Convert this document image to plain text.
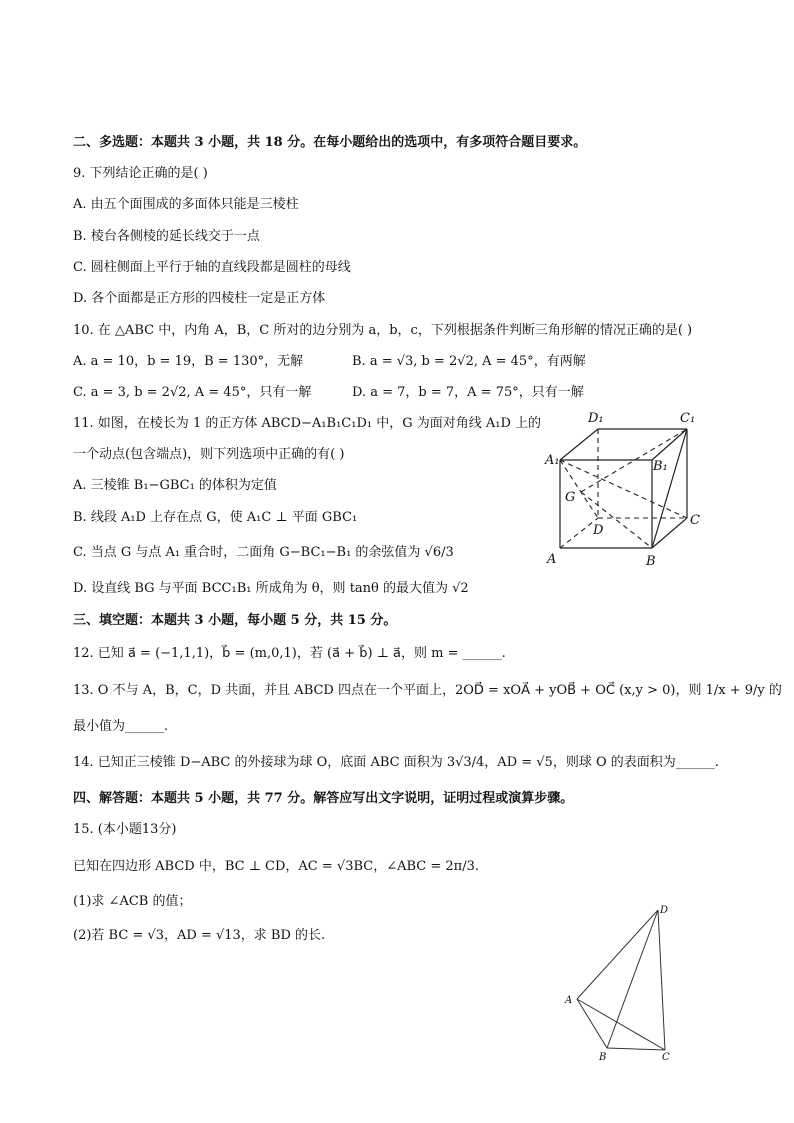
二、多选题：本题共 3 小题，共 18 分。在每小题给出的选项中，有多项符合题目要求。
9. 下列结论正确的是( )
A. 由五个面围成的多面体只能是三棱柱
B. 棱台各侧棱的延长线交于一点
C. 圆柱侧面上平行于轴的直线段都是圆柱的母线
D. 各个面都是正方形的四棱柱一定是正方体
10. 在 △ABC 中，内角 A，B，C 所对的边分别为 a，b，c，下列根据条件判断三角形解的情况正确的是( )
A. a = 10，b = 19，B = 130°，无解	B. a = √3, b = 2√2, A = 45°，有两解
C. a = 3, b = 2√2, A = 45°，只有一解	D. a = 7，b = 7，A = 75°，只有一解
11. 如图，在棱长为 1 的正方体 ABCD−A₁B₁C₁D₁ 中，G 为面对角线 A₁D 上的
一个动点(包含端点)，则下列选项中正确的有( )
A. 三棱锥 B₁−GBC₁ 的体积为定值
B. 线段 A₁D 上存在点 G，使 A₁C ⊥ 平面 GBC₁
C. 当点 G 与点 A₁ 重合时，二面角 G−BC₁−B₁ 的余弦值为 √6/3
D. 设直线 BG 与平面 BCC₁B₁ 所成角为 θ，则 tanθ 的最大值为 √2
A₁	B₁
C₁
D₁
A	B
C
D
G
三、填空题：本题共 3 小题，每小题 5 分，共 15 分。
12. 已知 a⃗ = (−1,1,1)，b⃗ = (m,0,1)，若 (a⃗ + b⃗) ⊥ a⃗，则 m = ______.
13. O 不与 A，B，C，D 共面，并且 ABCD 四点在一个平面上，2OD⃗ = xOA⃗ + yOB⃗ + OC⃗ (x,y > 0)，则 1/x + 9/y 的
最小值为______.
14. 已知正三棱锥 D−ABC 的外接球为球 O，底面 ABC 面积为 3√3/4，AD = √5，则球 O 的表面积为______.
四、解答题：本题共 5 小题，共 77 分。解答应写出文字说明，证明过程或演算步骤。
15. (本小题13分)
已知在四边形 ABCD 中，BC ⊥ CD，AC = √3BC，∠ABC = 2π/3.
(1)求 ∠ACB 的值；
(2)若 BC = √3，AD = √13，求 BD 的长.
A
B	C
D
